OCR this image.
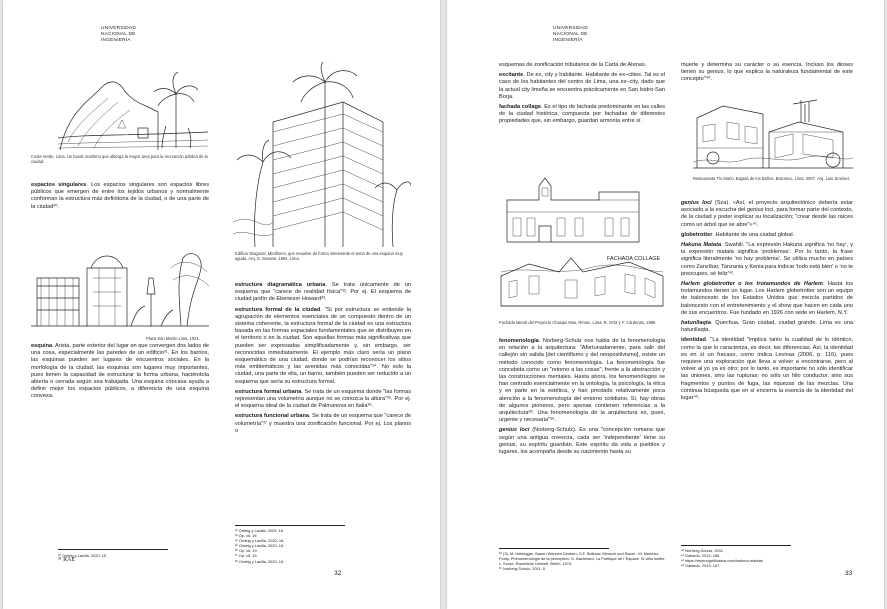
UNIVERSIDAD
NACIONAL DE
INGENIERÍA
Costa Verde, Lima. Un borde marítimo que alberga la mayor área para la recreación pública de la ciudad.

espacios singulares. Los espacios singulares son espacios libres públicos que emergen de entre los tejidos urbanos y normalmente conforman la estructura más definitoria de la ciudad, o de una parte de la ciudad³⁰.

Plaza San Martín Lima, 1921.

esquina. Arista, parte exterior del lugar en que convergen dos lados de una cosa, especialmente las paredes de un edificio³¹. En los barrios, las esquinas pueden ser lugares de encuentros sociales. En la morfología de la ciudad, las esquinas son lugares muy importantes, pues tienen la capacidad de estructurar la forma urbana, haciéndola abierta o cerrada según sea trabajada. Una esquina cóncava ayuda a definir mejor los espacios públicos, a diferencia de una esquina convexa.

Edificio Diagonal, Miraflores, que resuelve de forma interesante el tema de una esquina muy aguda. Arq. E. Seoane, 1954. Lima.

estructura diagramática urbana. Se trata únicamente de un esquema que "carece de realidad física"³². Por ej. El esquema de ciudad jardín de Ebenezer Howard³³.

estructura formal de la ciudad. "Si por estructura se entiende la agrupación de elementos esenciales de un compuesto dentro de un sistema coherente, la estructura formal de la ciudad es una estructura basada en las formas espaciales fundamentales que se distribuyen en el territorio o en la ciudad. Son aquellas formas más significativas que pueden ser expresadas simplificadamente y, sin embargo, ser reconocidas inmediatamente. El ejemplo más claro sería un plano esquemático de una ciudad, donde se podrían reconocer los sitios más emblemáticos y las avenidas más conocidas"³⁴. No solo la ciudad, una parte de ella, un barrio, también pueden ser reducido a un esquema que sería su estructura formal.

estructura formal urbana. Se trata de un esquema donde "las formas representan una volumetría aunque no se conozca la altura"³⁵. Por ej. el esquema ideal de la ciudad de Palmanova en Italia³⁶.

estructura funcional urbana. Se trata de un esquema que "carece de volumetría"³⁷ y muestra una zonificación funcional. Por ej. Los planos o

³² Ordeig y Lacilla, 2020: 18.
³³ Op. cit. 19.
³⁴ Ordeig y Lacilla, 2020: 18.
³⁵ Ordeig y Lacilla, 2020: 18.
³⁶ Op. cit. 19.
³⁷ Op. cit. 19.
³⁸ Ordeig y Lacilla, 2020: 18.
³⁰ Ordeig y Lacilla, 2020: 15
³¹ RAE
32
UNIVERSIDAD
NACIONAL DE
INGENIERÍA

esquemas de zonificación tributarios de la Carta de Atenas.

excitante. De ex, city y habitante. Habitante de ex–cities. Tal es el caso de los habitantes del centro de Lima, una ex–city, dado que la actual city limeña se encuentra prácticamente en San Isidro-San Borja.

fachada collage. Es el tipo de fachada predominante en las calles de la ciudad histórica, compuesta por fachadas de diferentes propiedades que, sin embargo, guardan armonía entre sí.

FACHADA COLLAGE
Fachada lateral del Proyecto Chasqui Mas, Rímac, Lima. R. Ortiz y F. Cárdenas, 1996

fenomenología. Norberg-Schulz nos habla de la fenomenología en relación a la arquitectura: "Afortunadamente, para salir del callejón sin salida [del cientifismo y del neopositivismo], existe un método conocido como fenomenología. La fenomenología fue concebida como un "retorno a las cosas", frente a la abstracción y las construcciones mentales. Hasta ahora, los fenomenólogos se han centrado esencialmente en la ontología, la psicología, la ética y en parte en la estética, y han prestado relativamente poca atención a la fenomenología del entorno cotidiano. Sí, hay obras de algunos pioneros, pero apenas contienen referencias a la arquitectura³⁸. Una fenomenología de la arquitectura es, pues, urgente y necesaria"³⁹.

genius loci (Norberg-Schulz). Es una "concepción romana que según una antigua creencia, cada ser 'independiente' tiene su genius, su espíritu guardián. Este espíritu da vida a pueblos y lugares, los acompaña desde su nacimiento hasta su

³⁸ (3), M. Heidegger, Bauen Wohnen Denken; O.F. Bollnow, Mensch und Raum ; M. Merleau-Ponty, Phénoménologie de la perception; G. Bachelard, La Poétique de l' Espace. Si véta inoltre L. Kruse, Raumliche Umwelt, Berlín, 1974.
³⁹ Norberg-Schulz, 2011: 5.

muerte y determina su carácter o su esencia. Incluso los dioses tienen su genius, lo que explica la naturaleza fundamental de este concepto"⁴⁰.

Restaurante Tío Mario, Bajada de los Baños, Barranco, Lima. 2007. Arq. Luis Jiménez.

genius loci (Sza). «Así, el proyecto arquitectónico debería estar asociado a la escucha del genius loci, para formar parte del contexto, de la ciudad y poder explicar su localización; "crear desde las raíces como un árbol que se abre"»⁴¹.

globetrotter. Habitante de una ciudad global.

Hakuna Matata. Swahili. "La expresión Hakuna significa 'no hay', y la expresión matata significa 'problemas'. Por lo tanto, la frase significa literalmente 'no hay problema'. Se utiliza mucho en países como Zanzíbar, Tanzania y Kenia para indicar 'todo está bien' o 'no te preocupes, sé feliz'⁴².

Harlem globetrotter o los trotamundos de Harlem. Hasta los trotamundos tienen un lugar. Los Harlem globetrotter son un equipo de baloncesto de los Estados Unidos que mezcla partidos de baloncesto con el entretenimiento y el show que hacen en cada uno de sus encuentros. Fue fundado en 1926 con sede en Harlem, N.Y.

hatunllaqta. Quechua. Gran ciudad, ciudad grande. Lima es una hatunllaqta.

identidad. "La identidad "implica tanto la cualidad de lo idéntico, como la que lo caracteriza, es decir, las diferencias. Así, la identidad es en sí un fracaso, como indica Levinas (2006, p. 116), pues requiere una exploración que lleva a volver a encontrarse, pero al volver al yo ya es otro; por lo tanto, es importante no sólo identificar las uniones, sino las rupturas; no sólo un hilo conductor, sino sus fragmentos y puntos de fuga, las riquezas de las mezclas. Una continua búsqueda que en sí encierra la esencia de la identidad del lugar⁴³.

⁴⁰ Norberg-Schulz, 2011.
⁴¹ Gallardo, 2013: 166.
⁴² https://www.significados.com/hakuna-matata/
⁴³ Gallardo, 2013: 167.
33
